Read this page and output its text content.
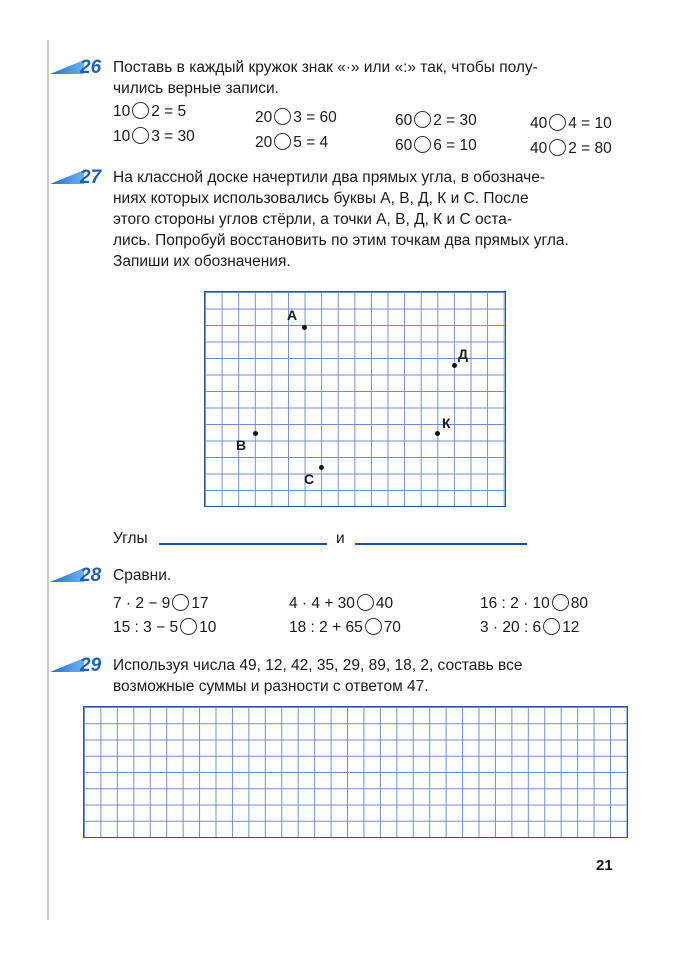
26 Поставь в каждый кружок знак «·» или «:» так, чтобы полу-
чились верные записи.
10 2 = 5
10 3 = 30
20 3 = 60
20 5 = 4
60 2 = 30
60 6 = 10
40 4 = 10
40 2 = 80
27 На классной доске начертили два прямых угла, в обозначе-
ниях которых использовались буквы А, В, Д, К и С. После
этого стороны углов стёрли, а точки А, В, Д, К и С оста-
лись. Попробуй восстановить по этим точкам два прямых угла.
Запиши их обозначения.
А
Д
В
К
С
Углы	и
28 Сравни.
7 · 2 − 9 17
15 : 3 − 5 10
4 · 4 + 30 40
18 : 2 + 65 70
16 : 2 · 10 80
3 · 20 : 6 12
29 Используя числа 49, 12, 42, 35, 29, 89, 18, 2, составь все
возможные суммы и разности с ответом 47.
21
